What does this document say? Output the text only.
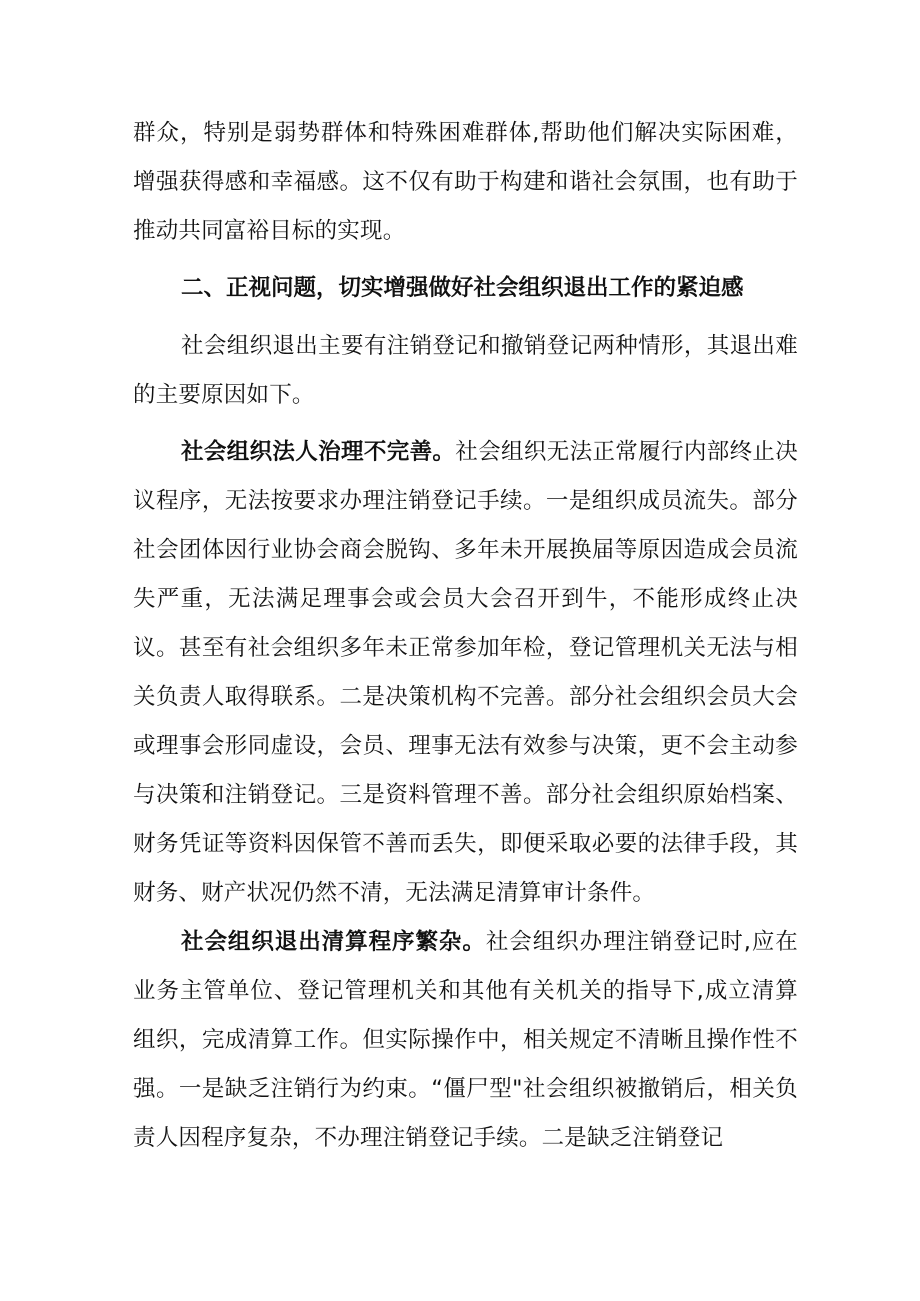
群众，特别是弱势群体和特殊困难群体,帮助他们解决实际困难，增强获得感和幸福感。这不仅有助于构建和谐社会氛围，也有助于推动共同富裕目标的实现。

二、正视问题，切实增强做好社会组织退出工作的紧迫感

社会组织退出主要有注销登记和撤销登记两种情形，其退出难的主要原因如下。

社会组织法人治理不完善。社会组织无法正常履行内部终止决议程序，无法按要求办理注销登记手续。一是组织成员流失。部分社会团体因行业协会商会脱钩、多年未开展换届等原因造成会员流失严重，无法满足理事会或会员大会召开到牛，不能形成终止决议。甚至有社会组织多年未正常参加年检，登记管理机关无法与相关负责人取得联系。二是决策机构不完善。部分社会组织会员大会或理事会形同虚设，会员、理事无法有效参与决策，更不会主动参与决策和注销登记。三是资料管理不善。部分社会组织原始档案、财务凭证等资料因保管不善而丢失，即便采取必要的法律手段，其财务、财产状况仍然不清，无法满足清算审计条件。

社会组织退出清算程序繁杂。社会组织办理注销登记时,应在业务主管单位、登记管理机关和其他有关机关的指导下,成立清算组织，完成清算工作。但实际操作中，相关规定不清晰且操作性不强。一是缺乏注销行为约束。“僵尸型"社会组织被撤销后，相关负责人因程序复杂，不办理注销登记手续。二是缺乏注销登记
